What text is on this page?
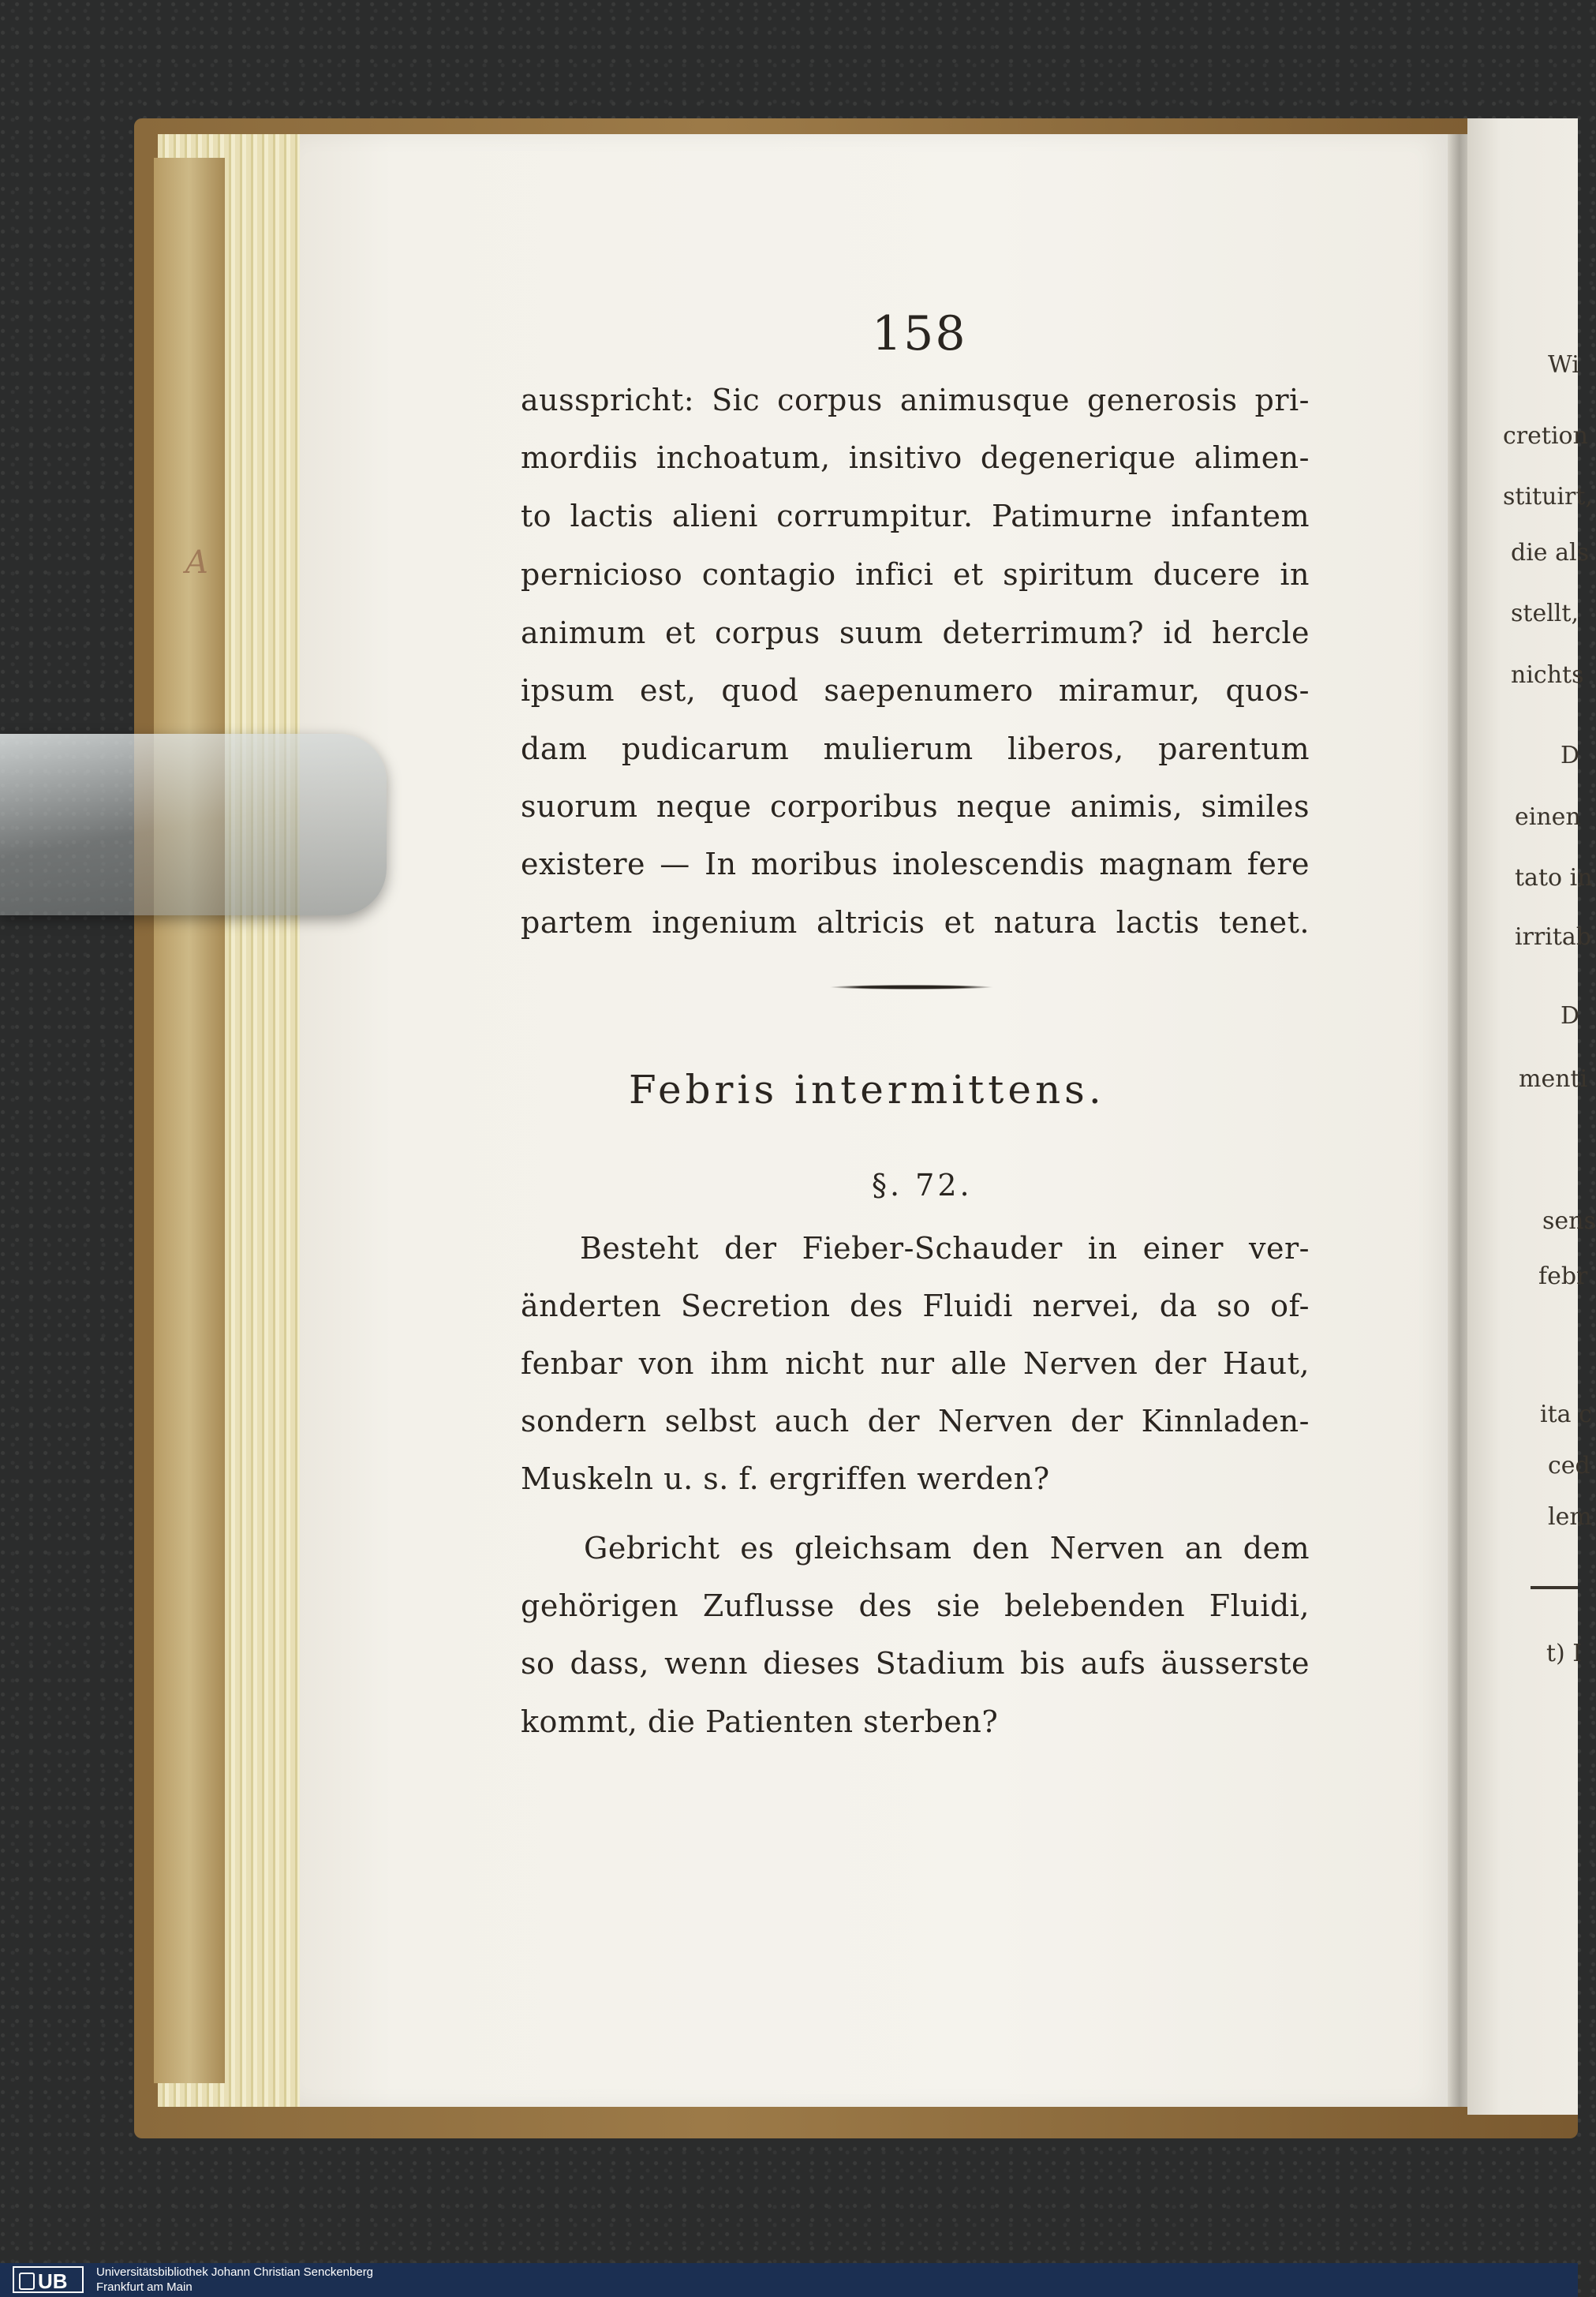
A
158
ausspricht: Sic corpus animusque generosis pri-
mordiis inchoatum, insitivo degenerique alimen-
to lactis alieni corrumpitur. Patimurne infantem
pernicioso contagio infici et spiritum ducere in
animum et corpus suum deterrimum? id hercle
ipsum est, quod saepenumero miramur, quos-
dam pudicarum mulierum liberos, parentum
suorum neque corporibus neque animis, similes
existere — In moribus inolescendis magnam fere
partem ingenium altricis et natura lactis tenet.
Febris intermittens.
§. 72.
Besteht der Fieber-Schauder in einer ver-
änderten Secretion des Fluidi nervei, da so of-
fenbar von ihm nicht nur alle Nerven der Haut,
sondern selbst auch der Nerven der Kinnladen-
Muskeln u. s. f. ergriffen werden?
Gebricht es gleichsam den Nerven an dem
gehörigen Zuflusse des sie belebenden Fluidi,
so dass, wenn dieses Stadium bis aufs äusserste
kommt, die Patienten sterben?
Wi
cretion
stituirt,
die als
stellt,
nichts
D
einen
tato in
irritab
D
menti
sens
febr
ita c
ced
lem
t) I
UB	Universitätsbibliothek Johann Christian Senckenberg
Frankfurt am Main
